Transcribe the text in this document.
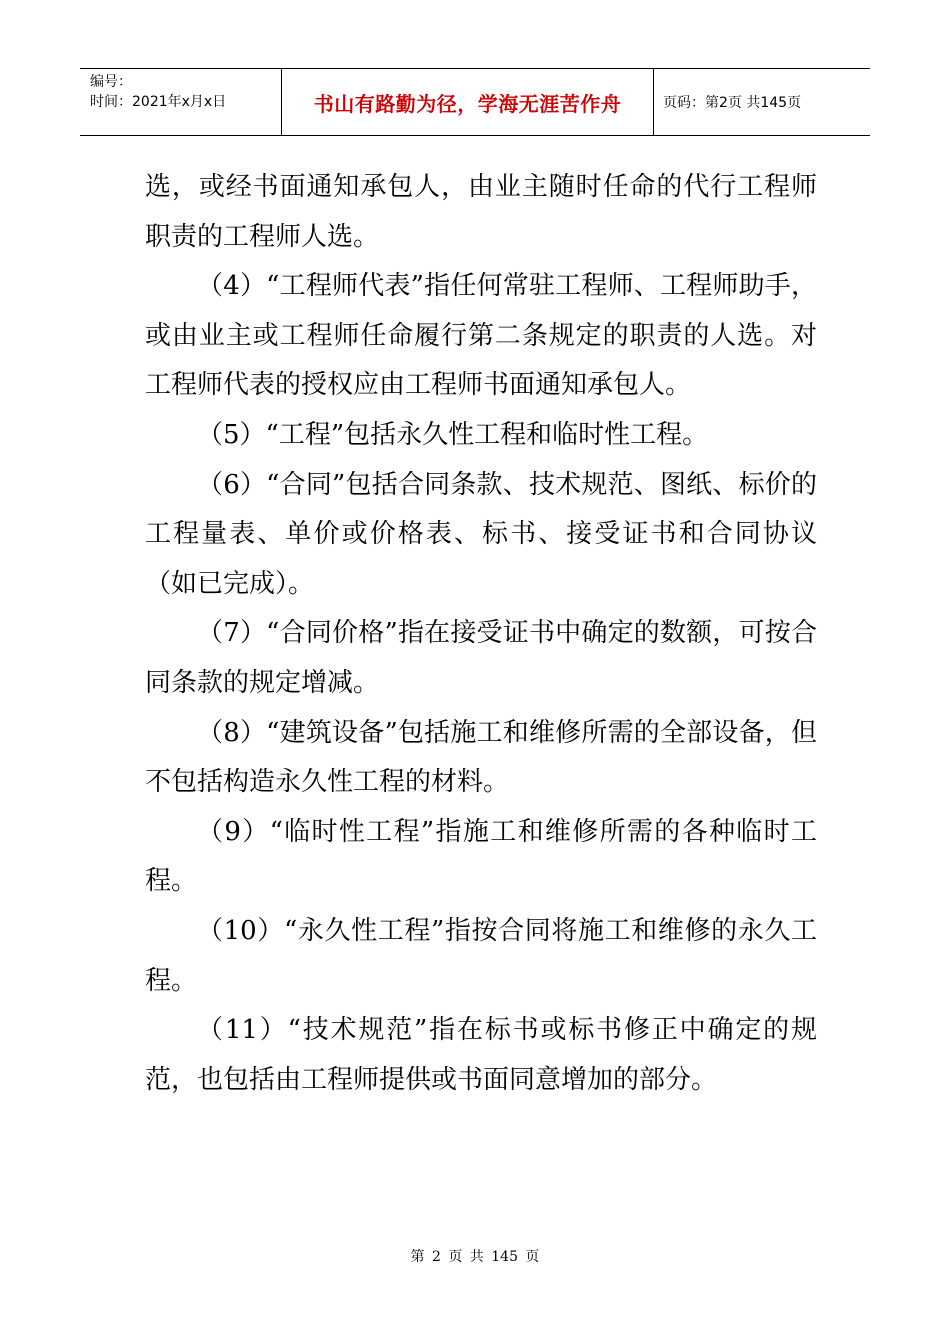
编号：
时间：2021年x月x日	书山有路勤为径，学海无涯苦作舟	页码：第2页 共145页

选，或经书面通知承包人，由业主随时任命的代行工程师职责的工程师人选。

（4）“工程师代表”指任何常驻工程师、工程师助手，或由业主或工程师任命履行第二条规定的职责的人选。对工程师代表的授权应由工程师书面通知承包人。

（5）“工程”包括永久性工程和临时性工程。

（6）“合同”包括合同条款、技术规范、图纸、标价的工程量表、单价或价格表、标书、接受证书和合同协议（如已完成）。

（7）“合同价格”指在接受证书中确定的数额，可按合同条款的规定增减。

（8）“建筑设备”包括施工和维修所需的全部设备，但不包括构造永久性工程的材料。

（9）“临时性工程”指施工和维修所需的各种临时工程。

（10）“永久性工程”指按合同将施工和维修的永久工程。

（11）“技术规范”指在标书或标书修正中确定的规范，也包括由工程师提供或书面同意增加的部分。

第 2 页 共 145 页
